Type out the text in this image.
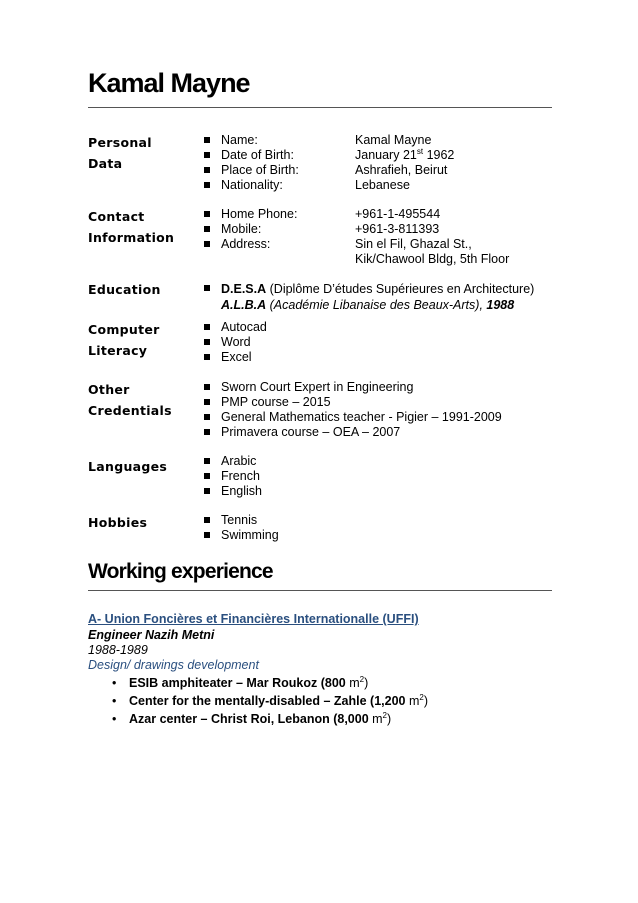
Kamal Mayne
Personal Data
Name:	Kamal Mayne
Date of Birth:	January 21st 1962
Place of Birth:	Ashrafieh, Beirut
Nationality:	Lebanese
Contact Information
Home Phone:	+961-1-495544
Mobile:	+961-3-811393
Address:	Sin el Fil, Ghazal St.,
Kik/Chawool Bldg, 5th Floor
Education	D.E.S.A (Diplôme D’études Supérieures en Architecture)
A.L.B.A (Académie Libanaise des Beaux-Arts), 1988
Computer Literacy
Autocad
Word
Excel
Other Credentials
Sworn Court Expert in Engineering
PMP course – 2015
General Mathematics teacher - Pigier – 1991-2009
Primavera course – OEA – 2007
Languages	Arabic
French
English
Hobbies	Tennis
Swimming
Working experience
A- Union Foncières et Financières Internationalle (UFFI)
Engineer Nazih Metni
1988-1989
Design/ drawings development
• ESIB amphiteater – Mar Roukoz (800 $m^2$)
• Center for the mentally-disabled – Zahle (1,200 $m^2$)
• Azar center – Christ Roi, Lebanon (8,000 $m^2$)
